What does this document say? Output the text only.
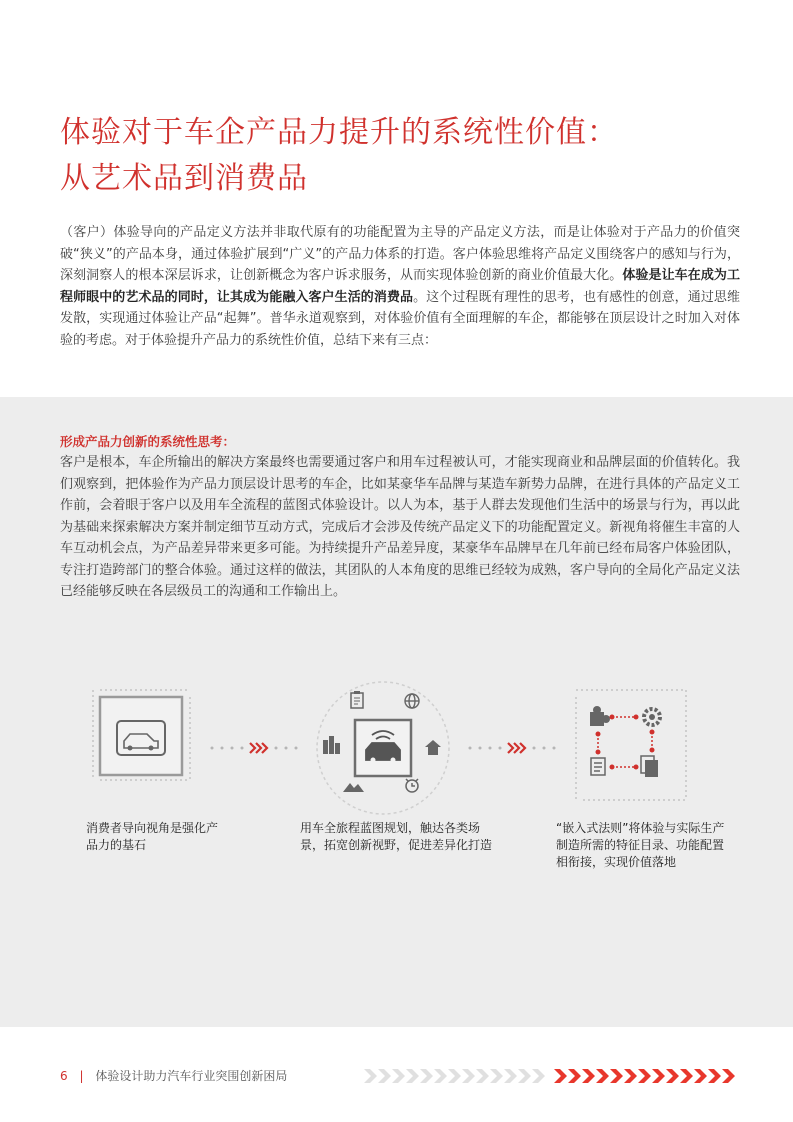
体验对于车企产品力提升的系统性价值：
从艺术品到消费品

（客户）体验导向的产品定义方法并非取代原有的功能配置为主导的产品定义方法，而是让体验对于产品力的价值突破“狭义”的产品本身，通过体验扩展到“广义”的产品力体系的打造。客户体验思维将产品定义围绕客户的感知与行为，深刻洞察人的根本深层诉求，让创新概念为客户诉求服务，从而实现体验创新的商业价值最大化。体验是让车在成为工程师眼中的艺术品的同时，让其成为能融入客户生活的消费品。这个过程既有理性的思考，也有感性的创意，通过思维发散，实现通过体验让产品“起舞”。普华永道观察到，对体验价值有全面理解的车企，都能够在顶层设计之时加入对体验的考虑。对于体验提升产品力的系统性价值，总结下来有三点：

形成产品力创新的系统性思考：

客户是根本，车企所输出的解决方案最终也需要通过客户和用车过程被认可，才能实现商业和品牌层面的价值转化。我们观察到，把体验作为产品力顶层设计思考的车企，比如某豪华车品牌与某造车新势力品牌，在进行具体的产品定义工作前，会着眼于客户以及用车全流程的蓝图式体验设计。以人为本，基于人群去发现他们生活中的场景与行为，再以此为基础来探索解决方案并制定细节互动方式，完成后才会涉及传统产品定义下的功能配置定义。新视角将催生丰富的人车互动机会点，为产品差异带来更多可能。为持续提升产品差异度，某豪华车品牌早在几年前已经布局客户体验团队，专注打造跨部门的整合体验。通过这样的做法，其团队的人本角度的思维已经较为成熟，客户导向的全局化产品定义法已经能够反映在各层级员工的沟通和工作输出上。

消费者导向视角是强化产品力的基石

用车全旅程蓝图规划，触达各类场景，拓宽创新视野，促进差异化打造

“嵌入式法则”将体验与实际生产制造所需的特征目录、功能配置相衔接，实现价值落地

6 | 体验设计助力汽车行业突围创新困局
